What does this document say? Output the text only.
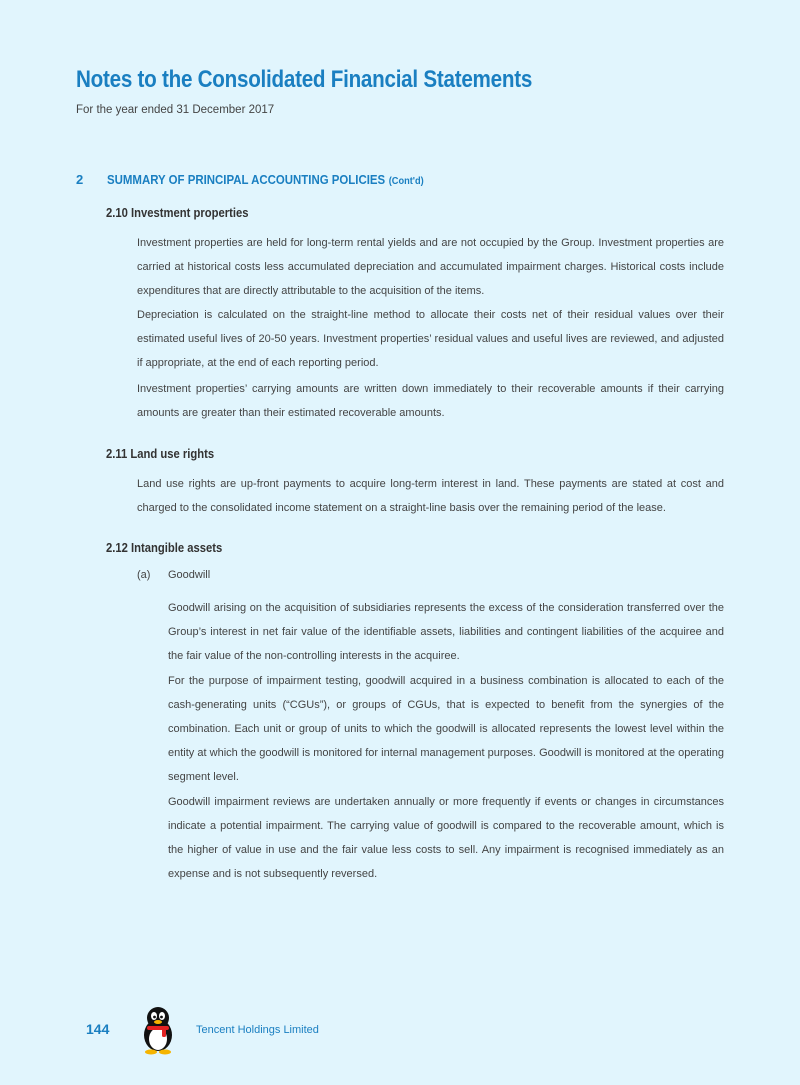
Notes to the Consolidated Financial Statements
For the year ended 31 December 2017
2 SUMMARY OF PRINCIPAL ACCOUNTING POLICIES (Cont'd)
2.10 Investment properties

Investment properties are held for long-term rental yields and are not occupied by the Group. Investment properties are carried at historical costs less accumulated depreciation and accumulated impairment charges. Historical costs include expenditures that are directly attributable to the acquisition of the items.

Depreciation is calculated on the straight-line method to allocate their costs net of their residual values over their estimated useful lives of 20-50 years. Investment properties’ residual values and useful lives are reviewed, and adjusted if appropriate, at the end of each reporting period.

Investment properties’ carrying amounts are written down immediately to their recoverable amounts if their carrying amounts are greater than their estimated recoverable amounts.

2.11 Land use rights

Land use rights are up-front payments to acquire long-term interest in land. These payments are stated at cost and charged to the consolidated income statement on a straight-line basis over the remaining period of the lease.

2.12 Intangible assets
(a) Goodwill

Goodwill arising on the acquisition of subsidiaries represents the excess of the consideration transferred over the Group’s interest in net fair value of the identifiable assets, liabilities and contingent liabilities of the acquiree and the fair value of the non-controlling interests in the acquiree.

For the purpose of impairment testing, goodwill acquired in a business combination is allocated to each of the cash-generating units (“CGUs”), or groups of CGUs, that is expected to benefit from the synergies of the combination. Each unit or group of units to which the goodwill is allocated represents the lowest level within the entity at which the goodwill is monitored for internal management purposes. Goodwill is monitored at the operating segment level.

Goodwill impairment reviews are undertaken annually or more frequently if events or changes in circumstances indicate a potential impairment. The carrying value of goodwill is compared to the recoverable amount, which is the higher of value in use and the fair value less costs to sell. Any impairment is recognised immediately as an expense and is not subsequently reversed.

144	Tencent Holdings Limited
